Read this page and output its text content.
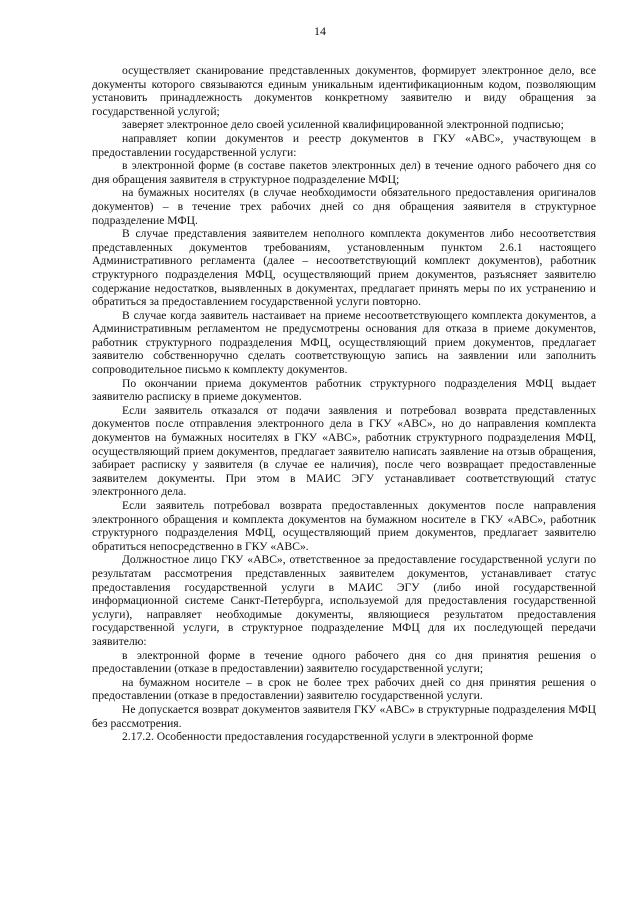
14

осуществляет сканирование представленных документов, формирует электронное дело, все документы которого связываются единым уникальным идентификационным кодом, позволяющим установить принадлежность документов конкретному заявителю и виду обращения за государственной услугой;

заверяет электронное дело своей усиленной квалифицированной электронной подписью;

направляет копии документов и реестр документов в ГКУ «АВС», участвующем в предоставлении государственной услуги:

в электронной форме (в составе пакетов электронных дел) в течение одного рабочего дня со дня обращения заявителя в структурное подразделение МФЦ;

на бумажных носителях (в случае необходимости обязательного предоставления оригиналов документов) – в течение трех рабочих дней со дня обращения заявителя в структурное подразделение МФЦ.

В случае представления заявителем неполного комплекта документов либо несоответствия представленных документов требованиям, установленным пунктом 2.6.1 настоящего Административного регламента (далее – несоответствующий комплект документов), работник структурного подразделения МФЦ, осуществляющий прием документов, разъясняет заявителю содержание недостатков, выявленных в документах, предлагает принять меры по их устранению и обратиться за предоставлением государственной услуги повторно.

В случае когда заявитель настаивает на приеме несоответствующего комплекта документов, а Административным регламентом не предусмотрены основания для отказа в приеме документов, работник структурного подразделения МФЦ, осуществляющий прием документов, предлагает заявителю собственноручно сделать соответствующую запись на заявлении или заполнить сопроводительное письмо к комплекту документов.

По окончании приема документов работник структурного подразделения МФЦ выдает заявителю расписку в приеме документов.

Если заявитель отказался от подачи заявления и потребовал возврата представленных документов после отправления электронного дела в ГКУ «АВС», но до направления комплекта документов на бумажных носителях в ГКУ «АВС», работник структурного подразделения МФЦ, осуществляющий прием документов, предлагает заявителю написать заявление на отзыв обращения, забирает расписку у заявителя (в случае ее наличия), после чего возвращает предоставленные заявителем документы. При этом в МАИС ЭГУ устанавливает соответствующий статус электронного дела.

Если заявитель потребовал возврата предоставленных документов после направления электронного обращения и комплекта документов на бумажном носителе в ГКУ «АВС», работник структурного подразделения МФЦ, осуществляющий прием документов, предлагает заявителю обратиться непосредственно в ГКУ «АВС».

Должностное лицо ГКУ «АВС», ответственное за предоставление государственной услуги по результатам рассмотрения представленных заявителем документов, устанавливает статус предоставления государственной услуги в МАИС ЭГУ (либо иной государственной информационной системе Санкт-Петербурга, используемой для предоставления государственной услуги), направляет необходимые документы, являющиеся результатом предоставления государственной услуги, в структурное подразделение МФЦ для их последующей передачи заявителю:

в электронной форме в течение одного рабочего дня со дня принятия решения о предоставлении (отказе в предоставлении) заявителю государственной услуги;

на бумажном носителе – в срок не более трех рабочих дней со дня принятия решения о предоставлении (отказе в предоставлении) заявителю государственной услуги.

Не допускается возврат документов заявителя ГКУ «АВС» в структурные подразделения МФЦ без рассмотрения.

2.17.2. Особенности предоставления государственной услуги в электронной форме
